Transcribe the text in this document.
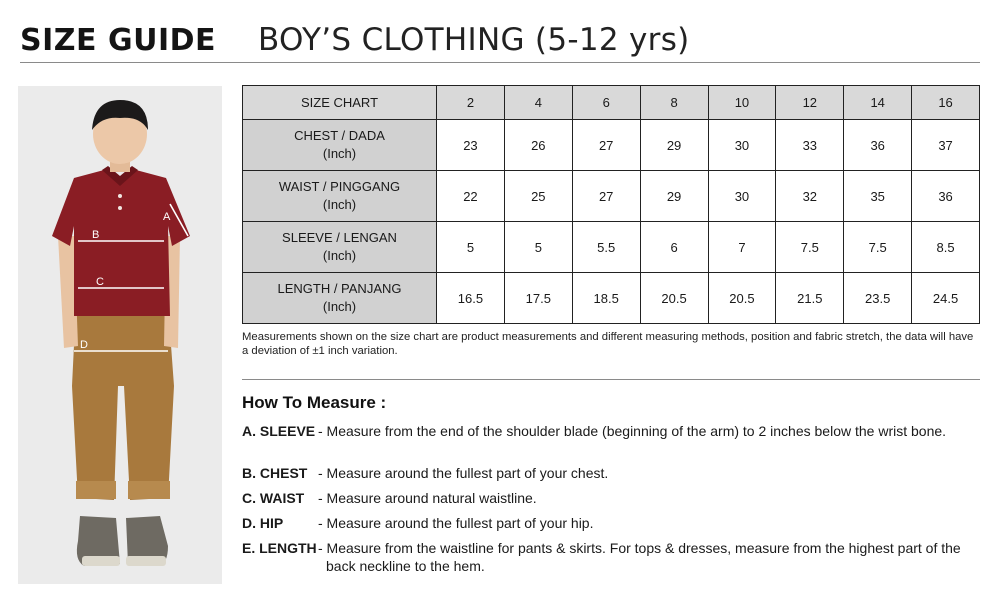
SIZE GUIDE BOY’S CLOTHING (5-12 yrs)
A
B
C
D
SIZE CHART	2	4	6	8	10	12	14	16

CHEST / DADA
(Inch)	23	26	27	29	30	33	36	37

WAIST / PINGGANG
(Inch)	22	25	27	29	30	32	35	36

SLEEVE / LENGAN
(Inch)	5	5	5.5	6	7	7.5	7.5	8.5

LENGTH / PANJANG
(Inch)	16.5	17.5	18.5	20.5	20.5	21.5	23.5	24.5
Measurements shown on the size chart are product measurements and different measuring methods, position and fabric stretch, the data will have a deviation of ±1 inch variation.
How To Measure :
A. SLEEVE - Measure from the end of the shoulder blade (beginning of the arm) to 2 inches below the wrist bone.
B. CHEST - Measure around the fullest part of your chest.
C. WAIST - Measure around natural waistline.
D. HIP	- Measure around the fullest part of your hip.
E. LENGTH - Measure from the waistline for pants & skirts. For tops & dresses, measure from the highest part of the back neckline to the hem.
